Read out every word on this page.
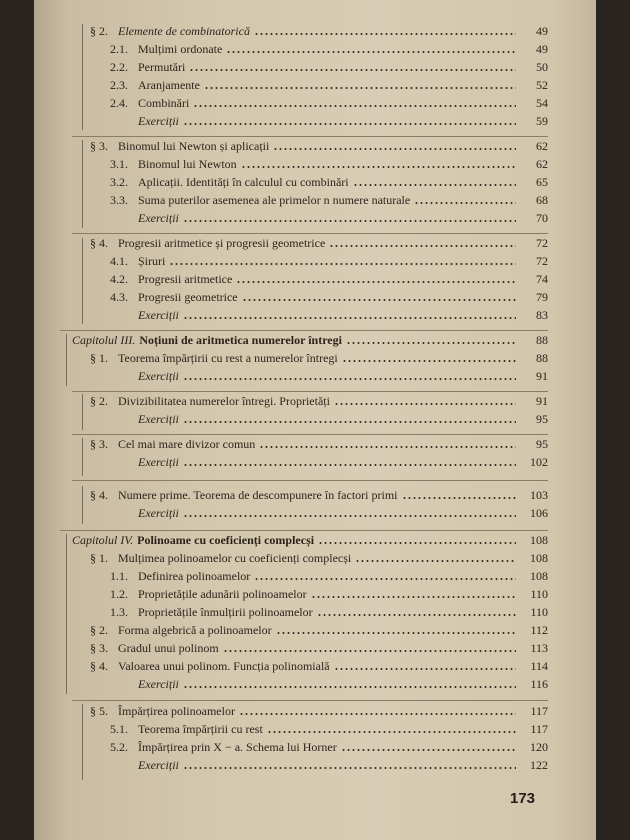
§ 2. Elemente de combinatorică	49
2.1. Mulțimi ordonate	49
2.2. Permutări	50
2.3. Aranjamente	52
2.4. Combinări	54
Exerciții	59
§ 3. Binomul lui Newton și aplicații	62
3.1. Binomul lui Newton	62
3.2. Aplicații. Identități în calculul cu combinări	65
3.3. Suma puterilor asemenea ale primelor n numere naturale	68
Exerciții	70
§ 4. Progresii aritmetice și progresii geometrice	72
4.1. Șiruri	72
4.2. Progresii aritmetice	74
4.3. Progresii geometrice	79
Exerciții	83
Capitolul III. Noțiuni de aritmetica numerelor întregi	88
§ 1. Teorema împărțirii cu rest a numerelor întregi	88
Exerciții	91
§ 2. Divizibilitatea numerelor întregi. Proprietăți	91
Exerciții	95
§ 3. Cel mai mare divizor comun	95
Exerciții	102
§ 4. Numere prime. Teorema de descompunere în factori primi	103
Exerciții	106
Capitolul IV. Polinoame cu coeficienți complecși	108
§ 1. Mulțimea polinoamelor cu coeficienți complecși	108
1.1. Definirea polinoamelor	108
1.2. Proprietățile adunării polinoamelor	110
1.3. Proprietățile înmulțirii polinoamelor	110
§ 2. Forma algebrică a polinoamelor	112
§ 3. Gradul unui polinom	113
§ 4. Valoarea unui polinom. Funcția polinomială	114
Exerciții	116
§ 5. Împărțirea polinoamelor	117
5.1. Teorema împărțirii cu rest	117
5.2. Împărțirea prin X − a. Schema lui Horner	120
Exerciții	122
173
